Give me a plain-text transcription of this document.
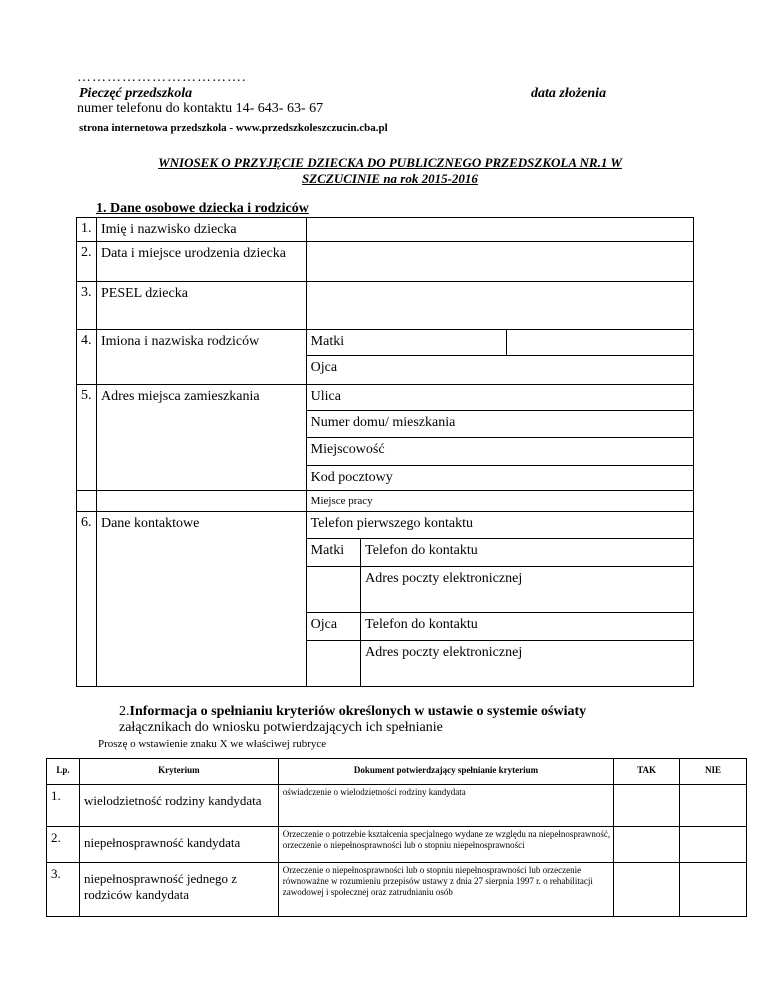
…………………………….
Pieczęć przedszkola	data złożenia
numer telefonu do kontaktu 14- 643- 63- 67
strona internetowa przedszkola - www.przedszkoleszczucin.cba.pl
WNIOSEK O PRZYJĘCIE DZIECKA DO PUBLICZNEGO PRZEDSZKOLA NR.1 W
SZCZUCINIE na rok 2015-2016
1. Dane osobowe dziecka i rodziców
1.	Imię i nazwisko dziecka	
2.	Data i miejsce urodzenia dziecka	
3.	PESEL dziecka	
4.	Imiona i nazwiska rodziców	Matki	
Ojca
5.	Adres miejsca zamieszkania	Ulica
Numer domu/ mieszkania
Miejscowość
Kod pocztowy
		Miejsce pracy
6.	Dane kontaktowe	Telefon pierwszego kontaktu

Matki	Telefon do kontaktu

	Adres poczty elektronicznej

Ojca	Telefon do kontaktu

	Adres poczty elektronicznej
2.Informacja o spełnianiu kryteriów określonych w ustawie o systemie oświaty
załącznikach do wniosku potwierdzających ich spełnianie
Proszę o wstawienie znaku X we właściwej rubryce
Lp.	Kryterium	Dokument potwierdzający spełnianie kryterium	TAK	NIE
1.	wielodzietność rodziny kandydata	oświadczenie o wielodzietności rodziny kandydata		
2.	niepełnosprawność kandydata	Orzeczenie o potrzebie kształcenia specjalnego wydane ze względu na niepełnosprawność, orzeczenie o niepełnosprawności lub o stopniu niepełnosprawności		
3.	niepełnosprawność jednego z rodziców kandydata	Orzeczenie o niepełnosprawności lub o stopniu niepełnosprawności lub orzeczenie równoważne w rozumieniu przepisów ustawy z dnia 27 sierpnia 1997 r. o rehabilitacji zawodowej i społecznej oraz zatrudnianiu osób		
